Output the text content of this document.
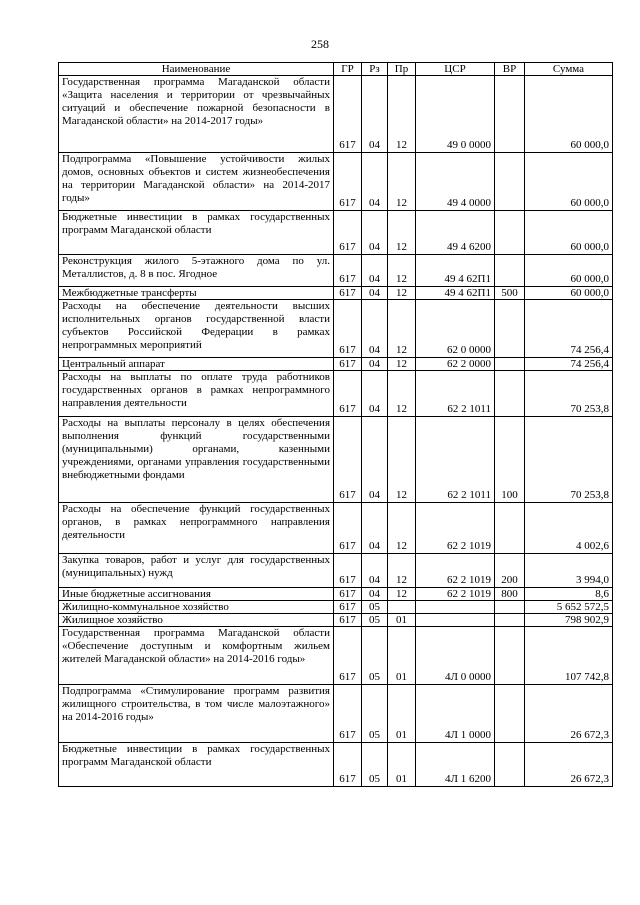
258
Наименование	ГР	Рз	Пр	ЦСР	ВР	Сумма
Государственная программа Магаданской области «Защита населения и территории от чрезвычайных ситуаций и обеспечение пожарной безопасности в Магаданской области» на 2014-2017 годы»	617	04	12	49 0 0000		60 000,0
Подпрограмма «Повышение устойчивости жилых домов, основных объектов и систем жизнеобеспечения на территории Магаданской области» на 2014-2017 годы»	617	04	12	49 4 0000		60 000,0
Бюджетные инвестиции в рамках государственных программ Магаданской области	617	04	12	49 4 6200		60 000,0
Реконструкция жилого 5-этажного дома по ул. Металлистов, д. 8 в пос. Ягодное	617	04	12	49 4 62П1		60 000,0
Межбюджетные трансферты	617	04	12	49 4 62П1	500	60 000,0
Расходы на обеспечение деятельности высших исполнительных органов государственной власти субъектов Российской Федерации в рамках непрограммных мероприятий	617	04	12	62 0 0000		74 256,4
Центральный аппарат	617	04	12	62 2 0000		74 256,4
Расходы на выплаты по оплате труда работников государственных органов в рамках непрограммного направления деятельности	617	04	12	62 2 1011		70 253,8
Расходы на выплаты персоналу в целях обеспечения выполнения функций государственными (муниципальными) органами, казенными учреждениями, органами управления государственными внебюджетными фондами	617	04	12	62 2 1011	100	70 253,8
Расходы на обеспечение функций государственных органов, в рамках непрограммного направления деятельности	617	04	12	62 2 1019		4 002,6
Закупка товаров, работ и услуг для государственных (муниципальных) нужд	617	04	12	62 2 1019	200	3 994,0
Иные бюджетные ассигнования	617	04	12	62 2 1019	800	8,6
Жилищно-коммунальное хозяйство	617	05				5 652 572,5
Жилищное хозяйство	617	05	01			798 902,9
Государственная программа Магаданской области «Обеспечение доступным и комфортным жильем жителей Магаданской области» на 2014-2016 годы»	617	05	01	4Л 0 0000		107 742,8
Подпрограмма «Стимулирование программ развития жилищного строительства, в том числе малоэтажного» на 2014-2016 годы»	617	05	01	4Л 1 0000		26 672,3
Бюджетные инвестиции в рамках государственных программ Магаданской области	617	05	01	4Л 1 6200		26 672,3
